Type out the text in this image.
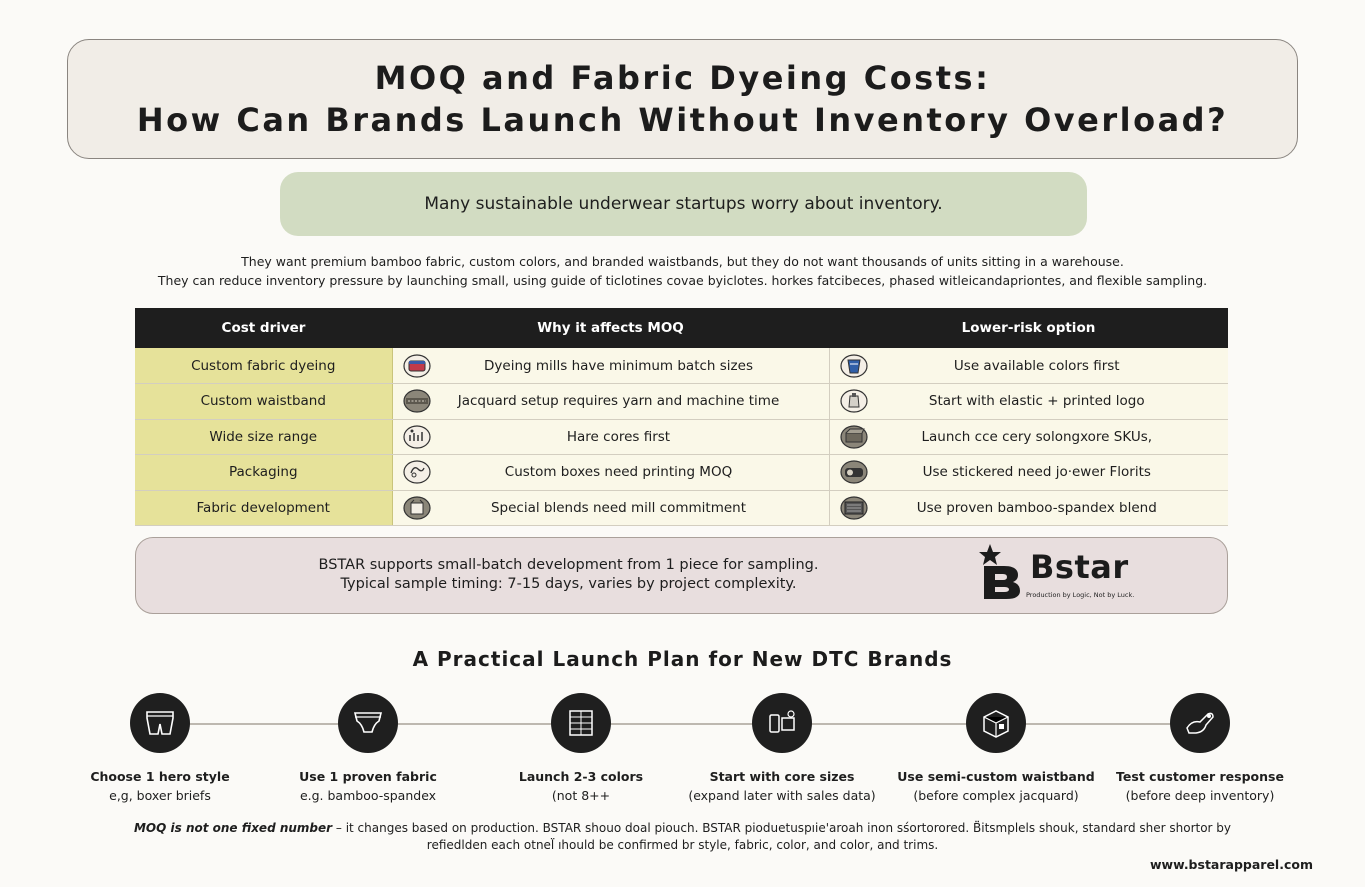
MOQ and Fabric Dyeing Costs:
How Can Brands Launch Without Inventory Overload?
Many sustainable underwear startups worry about inventory.
They want premium bamboo fabric, custom colors, and branded waistbands, but they do not want thousands of units sitting in a warehouse.
They can reduce inventory pressure by launching small, using guide of ticlotines covae byiclotes. horkes fatcibeces, phased witleicandapriontes, and flexible sampling.
Cost driver	Why it affects MOQ	Lower-risk option
Custom fabric dyeing	Dyeing mills have minimum batch sizes	Use available colors first

Custom waistband	Jacquard setup requires yarn and machine time	Start with elastic + printed logo

Wide size range	Hare cores first	Launch cce cery solongxore SKUs,

Packaging	Custom boxes need printing MOQ	Use stickered need jo·ewer Florits

Fabric development	Special blends need mill commitment	Use proven bamboo-spandex blend
BSTAR supports small-batch development from 1 piece for sampling.
Typical sample timing: 7-15 days, varies by project complexity.	Bstar
Production by Logic, Not by Luck.
A Practical Launch Plan for New DTC Brands
Choose 1 hero style
e,g, boxer briefs
Use 1 proven fabric
e.g. bamboo-spandex
Launch 2-3 colors
(not 8++
Start with core sizes
(expand later with sales data)
Use semi-custom waistband
(before complex jacquard)
Test customer response
(before deep inventory)
MOQ is not one fixed number – it changes based on production. BSTAR shouo doal piouch. BSTAR pioduetuspıie'aroah inon sśortorored. B̈̈itsmplels shouk, standard sher shortor by
refiedlden each otnel̈ ıhould be confirmed br style, fabric, color, and color, and trims.
www.bstarapparel.com
